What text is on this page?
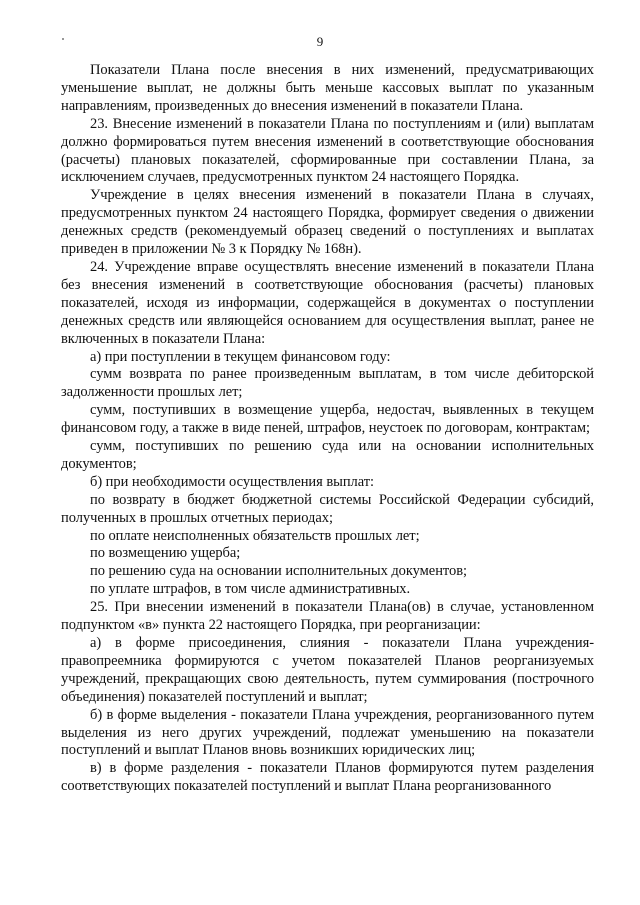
9

Показатели Плана после внесения в них изменений, предусматривающих уменьшение выплат, не должны быть меньше кассовых выплат по указанным направлениям, произведенных до внесения изменений в показатели Плана.

23. Внесение изменений в показатели Плана по поступлениям и (или) выплатам должно формироваться путем внесения изменений в соответствующие обоснования (расчеты) плановых показателей, сформированные при составлении Плана, за исключением случаев, предусмотренных пунктом 24 настоящего Порядка.

Учреждение в целях внесения изменений в показатели Плана в случаях, предусмотренных пунктом 24 настоящего Порядка, формирует сведения о движении денежных средств (рекомендуемый образец сведений о поступлениях и выплатах приведен в приложении № 3 к Порядку № 168н).

24. Учреждение вправе осуществлять внесение изменений в показатели Плана без внесения изменений в соответствующие обоснования (расчеты) плановых показателей, исходя из информации, содержащейся в документах о поступлении денежных средств или являющейся основанием для осуществления выплат, ранее не включенных в показатели Плана:

а) при поступлении в текущем финансовом году:

сумм возврата по ранее произведенным выплатам, в том числе дебиторской задолженности прошлых лет;

сумм, поступивших в возмещение ущерба, недостач, выявленных в текущем финансовом году, а также в виде пеней, штрафов, неустоек по договорам, контрактам;

сумм, поступивших по решению суда или на основании исполнительных документов;

б) при необходимости осуществления выплат:

по возврату в бюджет бюджетной системы Российской Федерации субсидий, полученных в прошлых отчетных периодах;

по оплате неисполненных обязательств прошлых лет;

по возмещению ущерба;

по решению суда на основании исполнительных документов;

по уплате штрафов, в том числе административных.

25. При внесении изменений в показатели Плана(ов) в случае, установленном подпунктом «в» пункта 22 настоящего Порядка, при реорганизации:

а) в форме присоединения, слияния - показатели Плана учреждения-правопреемника формируются с учетом показателей Планов реорганизуемых учреждений, прекращающих свою деятельность, путем суммирования (построчного объединения) показателей поступлений и выплат;

б) в форме выделения - показатели Плана учреждения, реорганизованного путем выделения из него других учреждений, подлежат уменьшению на показатели поступлений и выплат Планов вновь возникших юридических лиц;

в) в форме разделения - показатели Планов формируются путем разделения соответствующих показателей поступлений и выплат Плана реорганизованного
